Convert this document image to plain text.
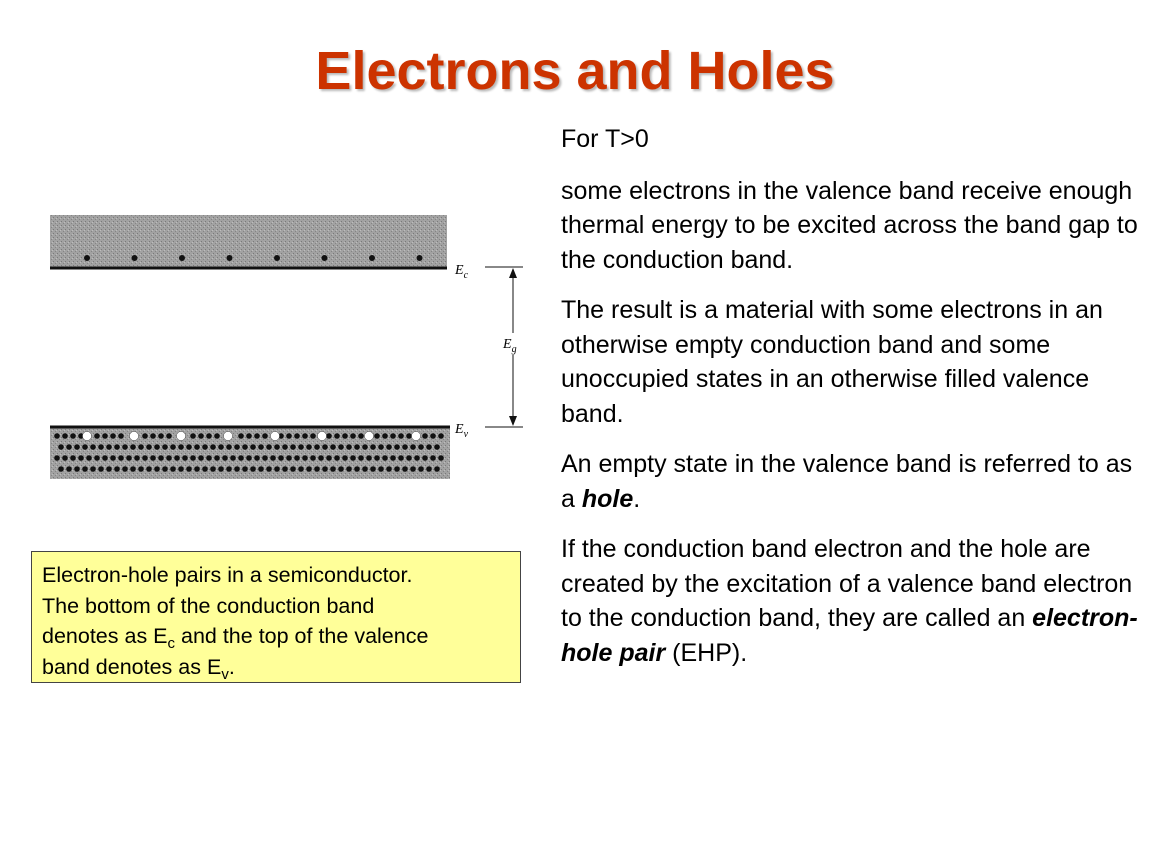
Electrons and Holes
$E_c$
$E_g$
$E_v$
Electron-hole pairs in a semiconductor.
The bottom of the conduction band
denotes as $E_c$ and the top of the valence
band denotes as $E_v$.

For T>0

some electrons in the valence band receive enough thermal energy to be excited across the band gap to the conduction band.

The result is a material with some electrons in an otherwise empty conduction band and some unoccupied states in an otherwise filled valence band.

An empty state in the valence band is referred to as a hole.

If the conduction band electron and the hole are created by the excitation of a valence band electron to the conduction band, they are called an electron-hole pair (EHP).
